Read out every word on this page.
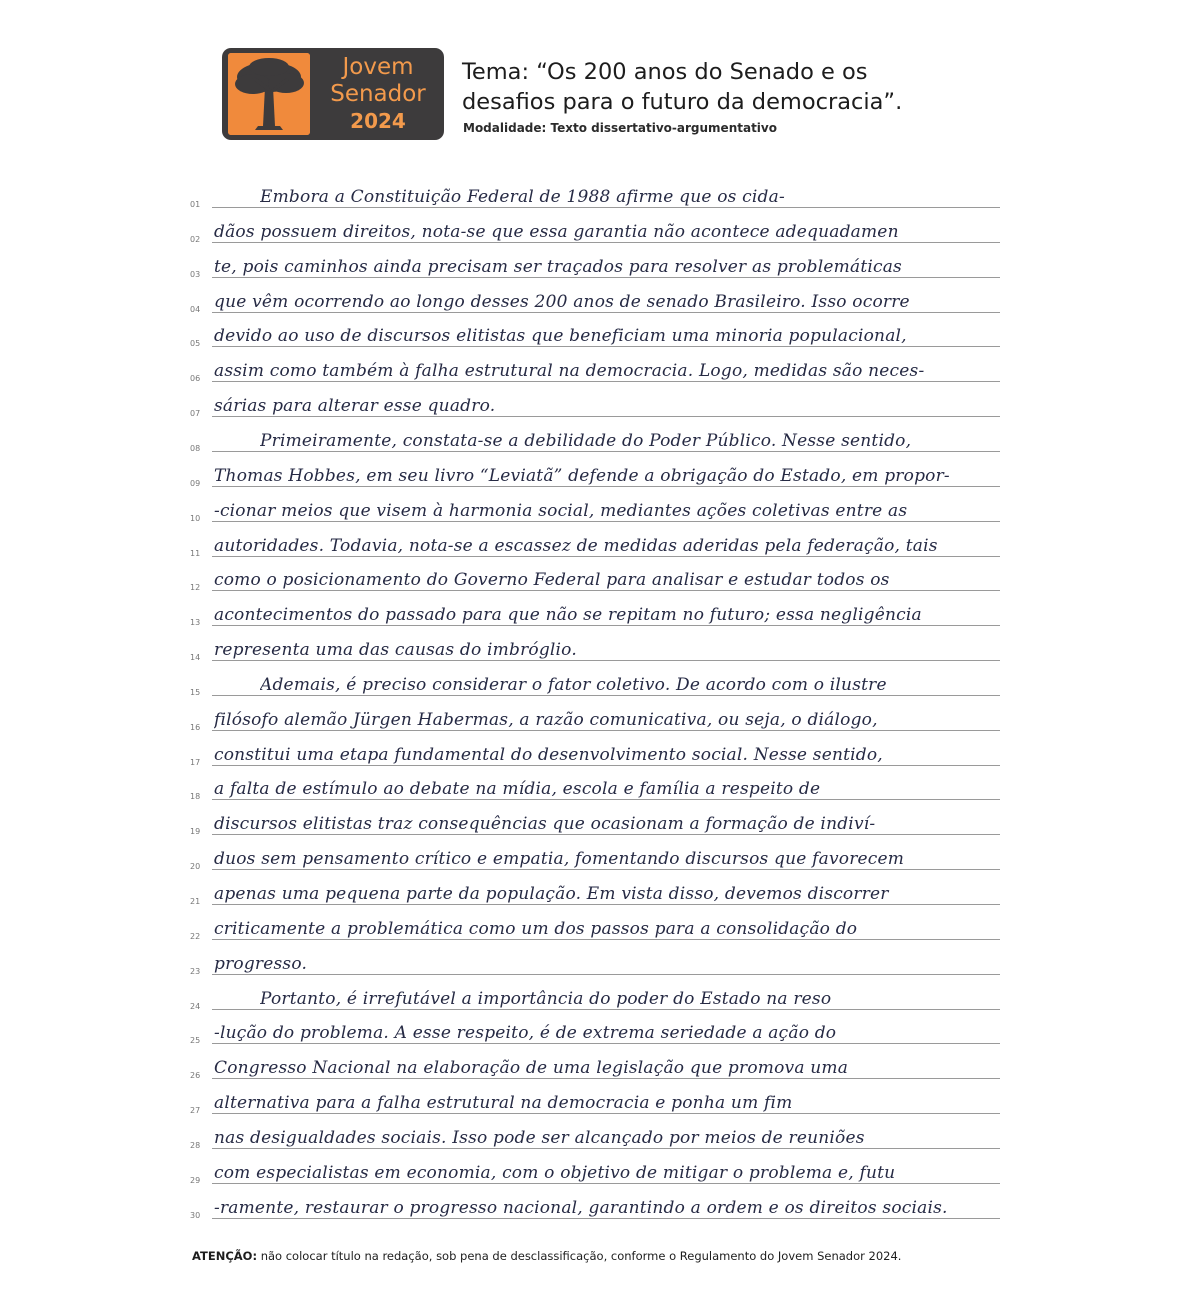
Jovem
Senador
2024
Tema: “Os 200 anos do Senado e os
desafios para o futuro da democracia”.
Modalidade: Texto dissertativo-argumentativo
01	Embora a Constituição Federal de 1988 afirme que os cida-
02 dãos possuem direitos, nota-se que essa garantia não acontece adequadamen
03 te, pois caminhos ainda precisam ser traçados para resolver as problemáticas
04 que vêm ocorrendo ao longo desses 200 anos de senado Brasileiro. Isso ocorre
05 devido ao uso de discursos elitistas que beneficiam uma minoria populacional,
06 assim como também à falha estrutural na democracia. Logo, medidas são neces-
07 sárias para alterar esse quadro.
08	Primeiramente, constata-se a debilidade do Poder Público. Nesse sentido,
09 Thomas Hobbes, em seu livro “Leviatã” defende a obrigação do Estado, em propor-
10 -cionar meios que visem à harmonia social, mediantes ações coletivas entre as
11 autoridades. Todavia, nota-se a escassez de medidas aderidas pela federação, tais
12 como o posicionamento do Governo Federal para analisar e estudar todos os
13 acontecimentos do passado para que não se repitam no futuro; essa negligência
14 representa uma das causas do imbróglio.
15	Ademais, é preciso considerar o fator coletivo. De acordo com o ilustre
16 filósofo alemão Jürgen Habermas, a razão comunicativa, ou seja, o diálogo,
17 constitui uma etapa fundamental do desenvolvimento social. Nesse sentido,
18 a falta de estímulo ao debate na mídia, escola e família a respeito de
19 discursos elitistas traz consequências que ocasionam a formação de indiví-
20 duos sem pensamento crítico e empatia, fomentando discursos que favorecem
21 apenas uma pequena parte da população. Em vista disso, devemos discorrer
22 criticamente a problemática como um dos passos para a consolidação do
23 progresso.
24	Portanto, é irrefutável a importância do poder do Estado na reso
25 -lução do problema. A esse respeito, é de extrema seriedade a ação do
26 Congresso Nacional na elaboração de uma legislação que promova uma
27 alternativa para a falha estrutural na democracia e ponha um fim
28 nas desigualdades sociais. Isso pode ser alcançado por meios de reuniões
29 com especialistas em economia, com o objetivo de mitigar o problema e, futu
30 -ramente, restaurar o progresso nacional, garantindo a ordem e os direitos sociais.
ATENÇÃO: não colocar título na redação, sob pena de desclassificação, conforme o Regulamento do Jovem Senador 2024.
